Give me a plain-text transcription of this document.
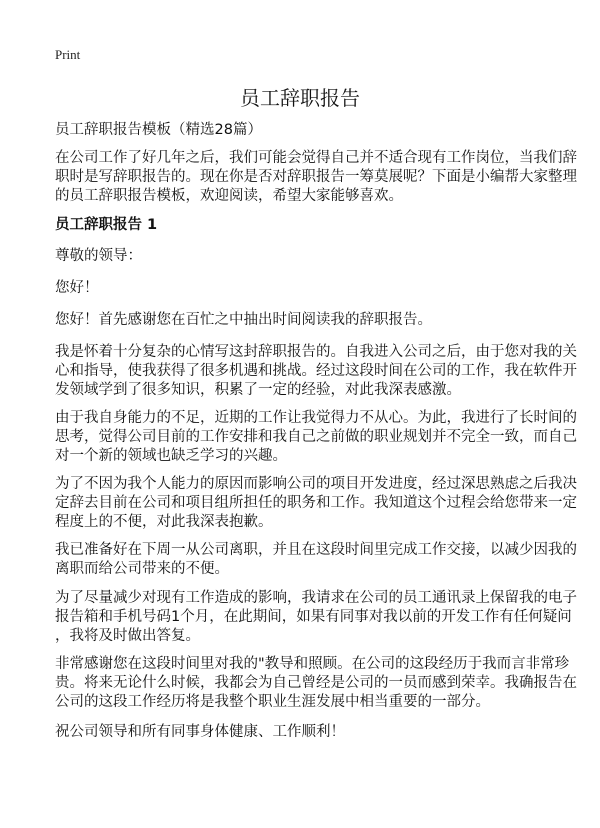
Print
员工辞职报告
员工辞职报告模板（精选28篇）
在公司工作了好几年之后，我们可能会觉得自己并不适合现有工作岗位，当我们辞
职时是写辞职报告的。现在你是否对辞职报告一筹莫展呢？下面是小编帮大家整理
的员工辞职报告模板，欢迎阅读，希望大家能够喜欢。
员工辞职报告 1
尊敬的领导：
您好！
您好！首先感谢您在百忙之中抽出时间阅读我的辞职报告。
我是怀着十分复杂的心情写这封辞职报告的。自我进入公司之后，由于您对我的关
心和指导，使我获得了很多机遇和挑战。经过这段时间在公司的工作，我在软件开
发领域学到了很多知识，积累了一定的经验，对此我深表感激。
由于我自身能力的不足，近期的工作让我觉得力不从心。为此，我进行了长时间的
思考，觉得公司目前的工作安排和我自己之前做的职业规划并不完全一致，而自己
对一个新的领域也缺乏学习的兴趣。
为了不因为我个人能力的原因而影响公司的项目开发进度，经过深思熟虑之后我决
定辞去目前在公司和项目组所担任的职务和工作。我知道这个过程会给您带来一定
程度上的不便，对此我深表抱歉。
我已准备好在下周一从公司离职，并且在这段时间里完成工作交接，以减少因我的
离职而给公司带来的不便。
为了尽量减少对现有工作造成的影响，我请求在公司的员工通讯录上保留我的电子
报告箱和手机号码1个月，在此期间，如果有同事对我以前的开发工作有任何疑问
，我将及时做出答复。
非常感谢您在这段时间里对我的"教导和照顾。在公司的这段经历于我而言非常珍
贵。将来无论什么时候，我都会为自己曾经是公司的一员而感到荣幸。我确报告在
公司的这段工作经历将是我整个职业生涯发展中相当重要的一部分。
祝公司领导和所有同事身体健康、工作顺利！
